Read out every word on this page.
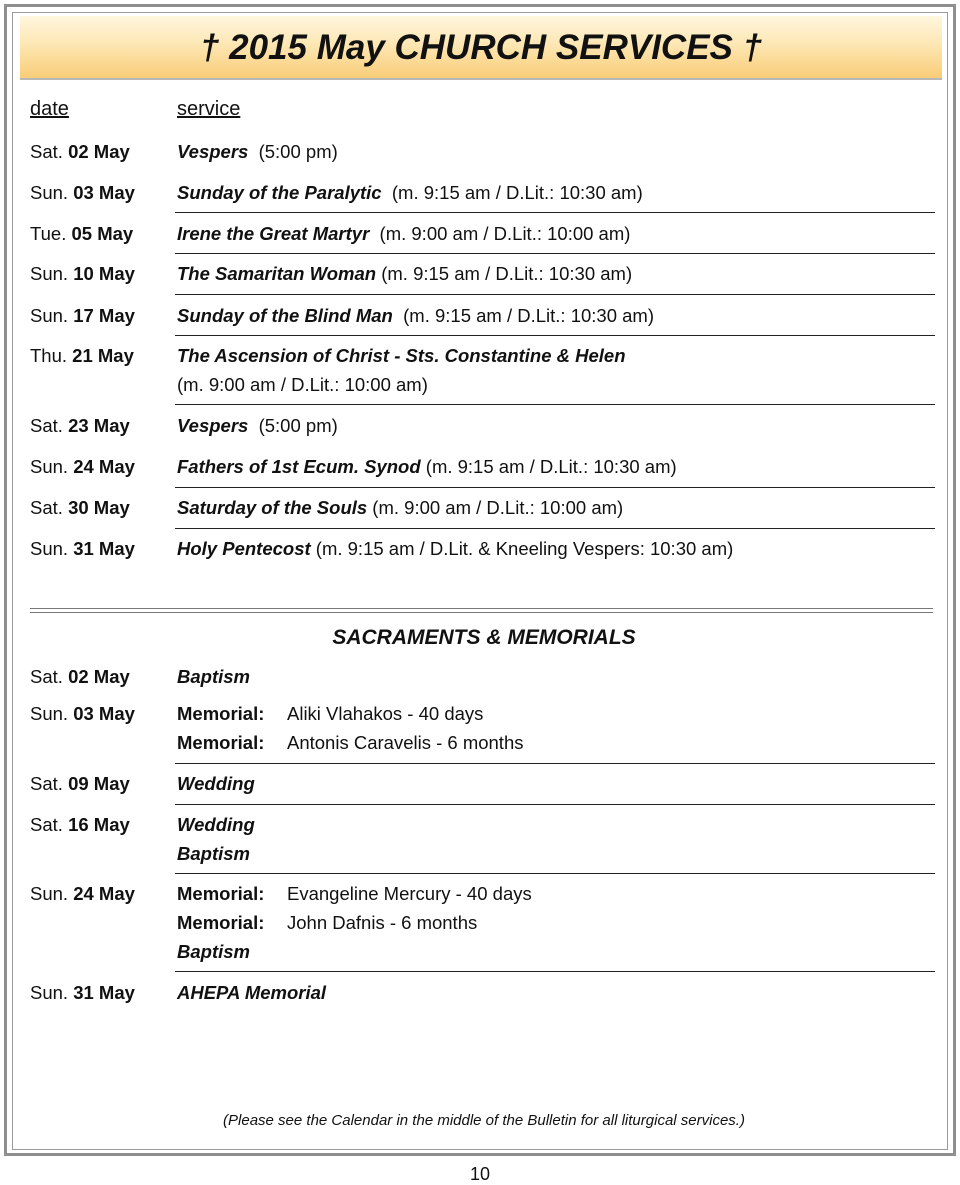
† 2015 May CHURCH SERVICES †
date	service
Sat. 02 May	Vespers  (5:00 pm)
Sun. 03 May Sunday of the Paralytic  (m. 9:15 am / D.Lit.: 10:30 am)
Tue. 05 May Irene the Great Martyr  (m. 9:00 am / D.Lit.: 10:00 am)
Sun. 10 May The Samaritan Woman (m. 9:15 am / D.Lit.: 10:30 am)
Sun. 17 May Sunday of the Blind Man  (m. 9:15 am / D.Lit.: 10:30 am)
Thu. 21 May The Ascension of Christ - Sts. Constantine & Helen
(m. 9:00 am / D.Lit.: 10:00 am)
Sat. 23 May	Vespers  (5:00 pm)
Sun. 24 May Fathers of 1st Ecum. Synod (m. 9:15 am / D.Lit.: 10:30 am)
Sat. 30 May	Saturday of the Souls (m. 9:00 am / D.Lit.: 10:00 am)
Sun. 31 May Holy Pentecost (m. 9:15 am / D.Lit. & Kneeling Vespers: 10:30 am)
SACRAMENTS & MEMORIALS
Sat. 02 May	Baptism
Sun. 03 May Memorial: Aliki Vlahakos - 40 days
Memorial: Antonis Caravelis - 6 months
Sat. 09 May	Wedding
Sat. 16 May	Wedding
Baptism
Sun. 24 May Memorial: Evangeline Mercury - 40 days
Memorial: John Dafnis - 6 months
Baptism
Sun. 31 May AHEPA Memorial
(Please see the Calendar in the middle of the Bulletin for all liturgical services.)
10
